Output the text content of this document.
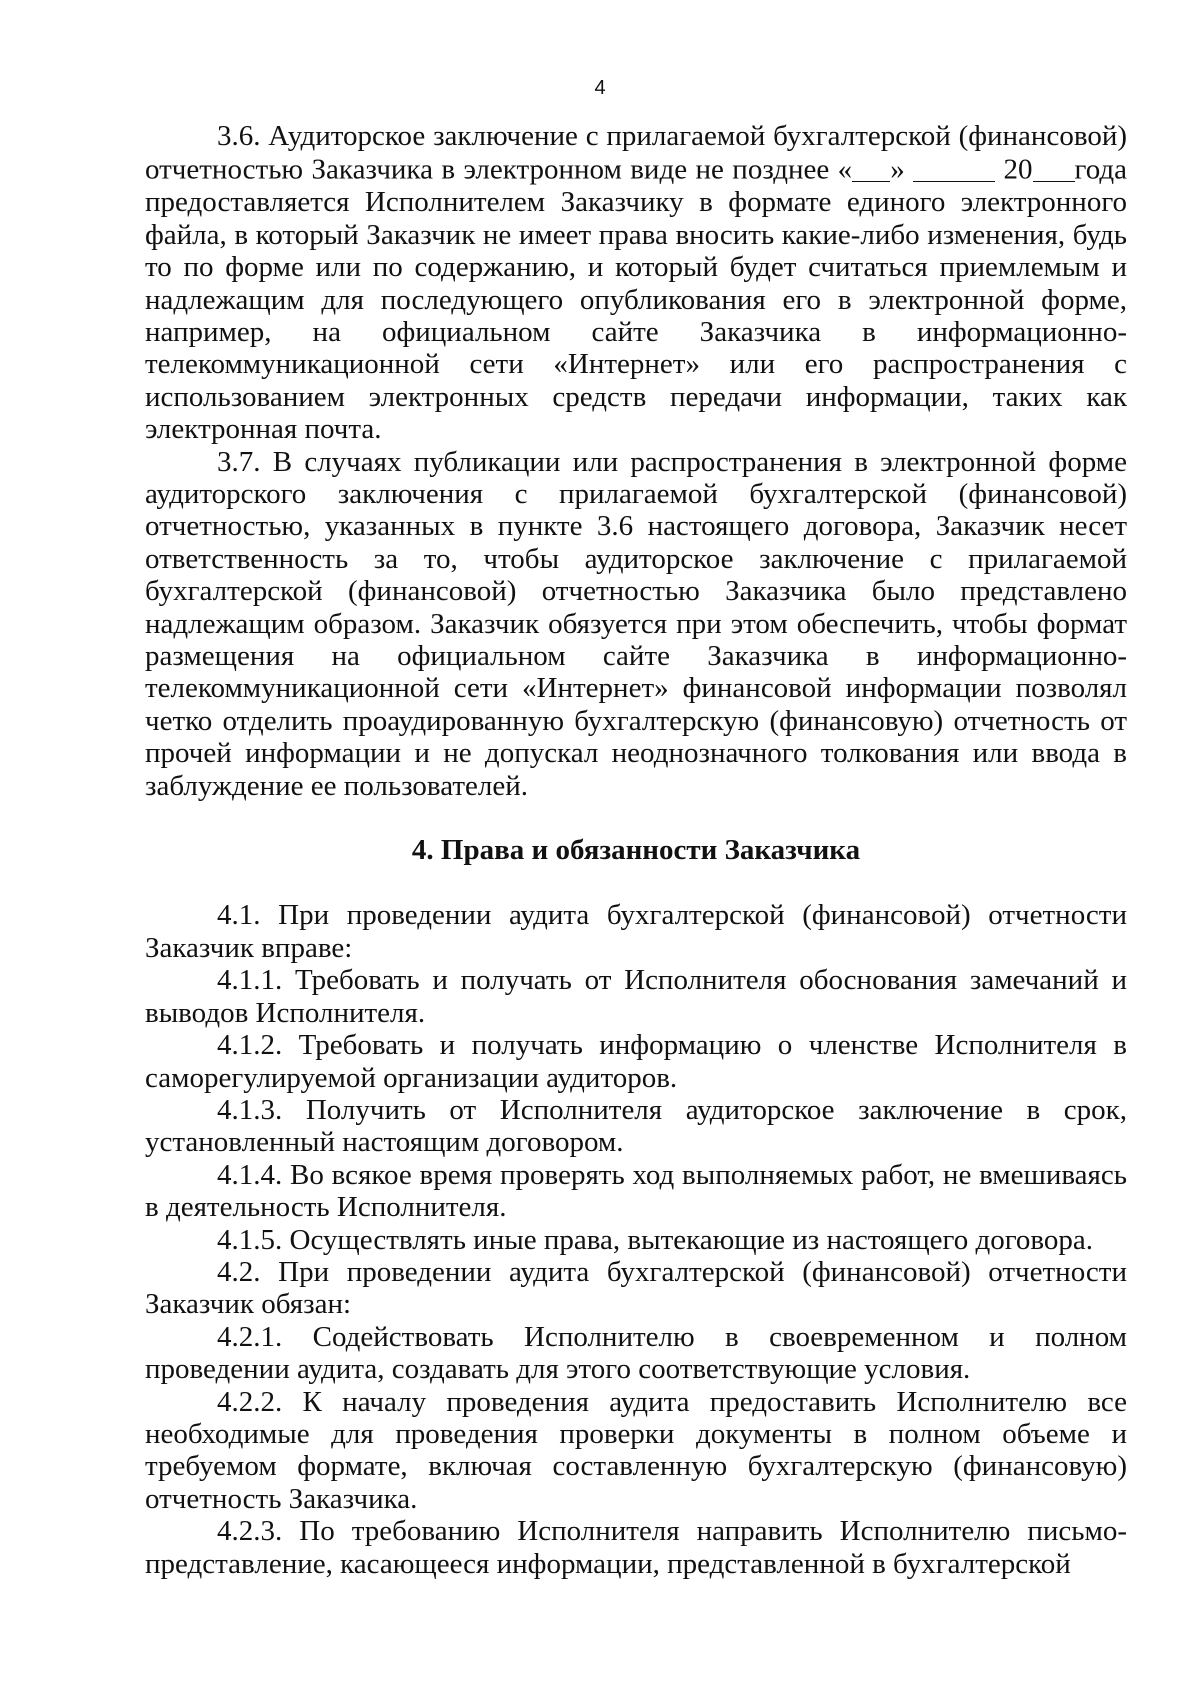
4

3.6. Аудиторское заключение с прилагаемой бухгалтерской (финансовой) отчетностью Заказчика в электронном виде не позднее « »	20 года предоставляется Исполнителем Заказчику в формате единого электронного файла, в который Заказчик не имеет права вносить какие-либо изменения, будь то по форме или по содержанию, и который будет считаться приемлемым и надлежащим для последующего опубликования его в электронной форме, например, на официальном сайте Заказчика в информационно-телекоммуникационной сети «Интернет» или его распространения с использованием электронных средств передачи информации, таких как электронная почта.

3.7. В случаях публикации или распространения в электронной форме аудиторского заключения с прилагаемой бухгалтерской (финансовой) отчетностью, указанных в пункте 3.6 настоящего договора, Заказчик несет ответственность за то, чтобы аудиторское заключение с прилагаемой бухгалтерской (финансовой) отчетностью Заказчика было представлено надлежащим образом. Заказчик обязуется при этом обеспечить, чтобы формат размещения на официальном сайте Заказчика в информационно-телекоммуникационной сети «Интернет» финансовой информации позволял четко отделить проаудированную бухгалтерскую (финансовую) отчетность от прочей информации и не допускал неоднозначного толкования или ввода в заблуждение ее пользователей.

4. Права и обязанности Заказчика

4.1. При проведении аудита бухгалтерской (финансовой) отчетности Заказчик вправе:

4.1.1. Требовать и получать от Исполнителя обоснования замечаний и выводов Исполнителя.

4.1.2. Требовать и получать информацию о членстве Исполнителя в саморегулируемой организации аудиторов.

4.1.3. Получить от Исполнителя аудиторское заключение в срок, установленный настоящим договором.

4.1.4. Во всякое время проверять ход выполняемых работ, не вмешиваясь в деятельность Исполнителя.

4.1.5. Осуществлять иные права, вытекающие из настоящего договора.

4.2. При проведении аудита бухгалтерской (финансовой) отчетности Заказчик обязан:

4.2.1. Содействовать Исполнителю в своевременном и полном проведении аудита, создавать для этого соответствующие условия.

4.2.2. К началу проведения аудита предоставить Исполнителю все необходимые для проведения проверки документы в полном объеме и требуемом формате, включая составленную бухгалтерскую (финансовую) отчетность Заказчика.

4.2.3. По требованию Исполнителя направить Исполнителю письмо-представление, касающееся информации, представленной в бухгалтерской
